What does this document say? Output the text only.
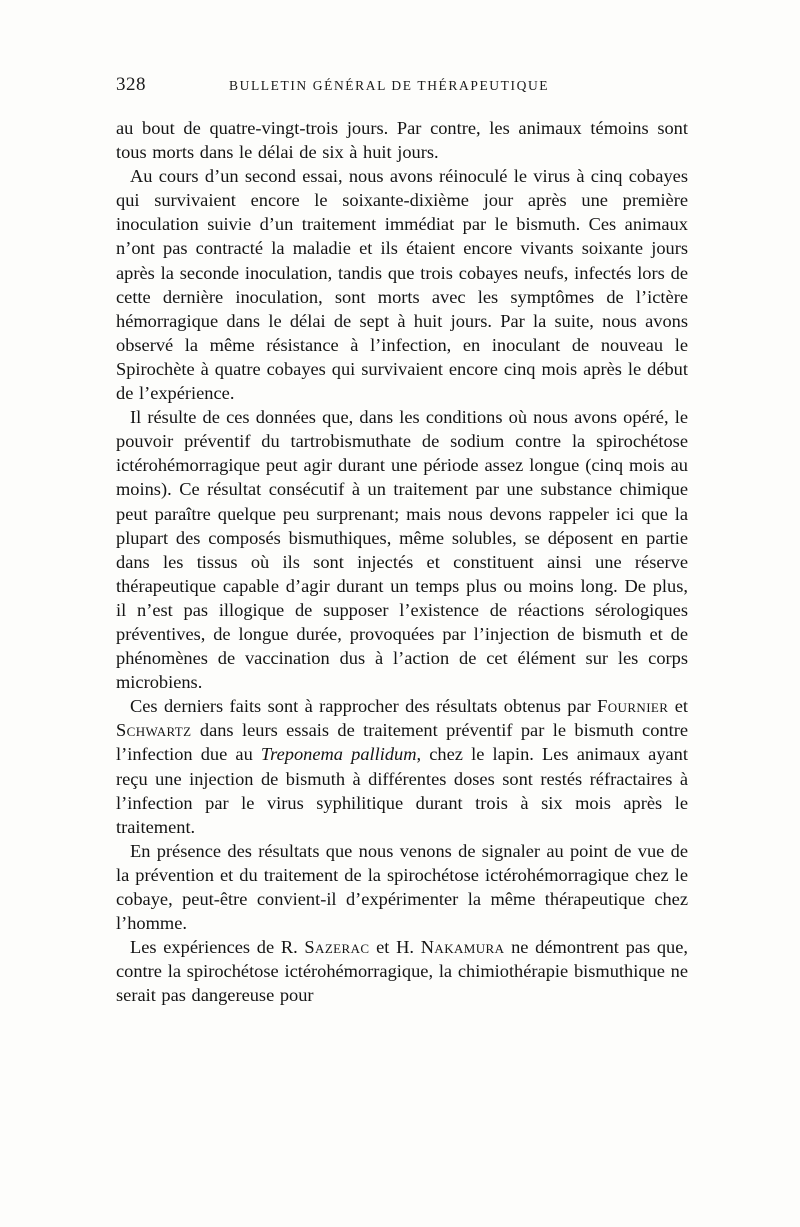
328	BULLETIN GÉNÉRAL DE THÉRAPEUTIQUE

au bout de quatre-vingt-trois jours. Par contre, les animaux témoins sont tous morts dans le délai de six à huit jours.

Au cours d’un second essai, nous avons réinoculé le virus à cinq cobayes qui survivaient encore le soixante-dixième jour après une première inoculation suivie d’un traitement immédiat par le bismuth. Ces animaux n’ont pas contracté la maladie et ils étaient encore vivants soixante jours après la seconde inoculation, tandis que trois cobayes neufs, infectés lors de cette dernière inoculation, sont morts avec les symptômes de l’ictère hémorragique dans le délai de sept à huit jours. Par la suite, nous avons observé la même résistance à l’infection, en inoculant de nouveau le Spirochète à quatre cobayes qui survivaient encore cinq mois après le début de l’expérience.

Il résulte de ces données que, dans les conditions où nous avons opéré, le pouvoir préventif du tartrobismuthate de sodium contre la spirochétose ictérohémorragique peut agir durant une période assez longue (cinq mois au moins). Ce résultat consécutif à un traitement par une substance chimique peut paraître quelque peu surprenant; mais nous devons rappeler ici que la plupart des composés bismuthiques, même solubles, se déposent en partie dans les tissus où ils sont injectés et constituent ainsi une réserve thérapeutique capable d’agir durant un temps plus ou moins long. De plus, il n’est pas illogique de supposer l’existence de réactions sérologiques préventives, de longue durée, provoquées par l’injection de bismuth et de phénomènes de vaccination dus à l’action de cet élément sur les corps microbiens.

Ces derniers faits sont à rapprocher des résultats obtenus par Fournier et Schwartz dans leurs essais de traitement préventif par le bismuth contre l’infection due au Treponema pallidum, chez le lapin. Les animaux ayant reçu une injection de bismuth à différentes doses sont restés réfractaires à l’infection par le virus syphilitique durant trois à six mois après le traitement.

En présence des résultats que nous venons de signaler au point de vue de la prévention et du traitement de la spirochétose ictérohémorragique chez le cobaye, peut-être convient-il d’expérimenter la même thérapeutique chez l’homme.

Les expériences de R. Sazerac et H. Nakamura ne démontrent pas que, contre la spirochétose ictérohémorragique, la chimiothérapie bismuthique ne serait pas dangereuse pour
